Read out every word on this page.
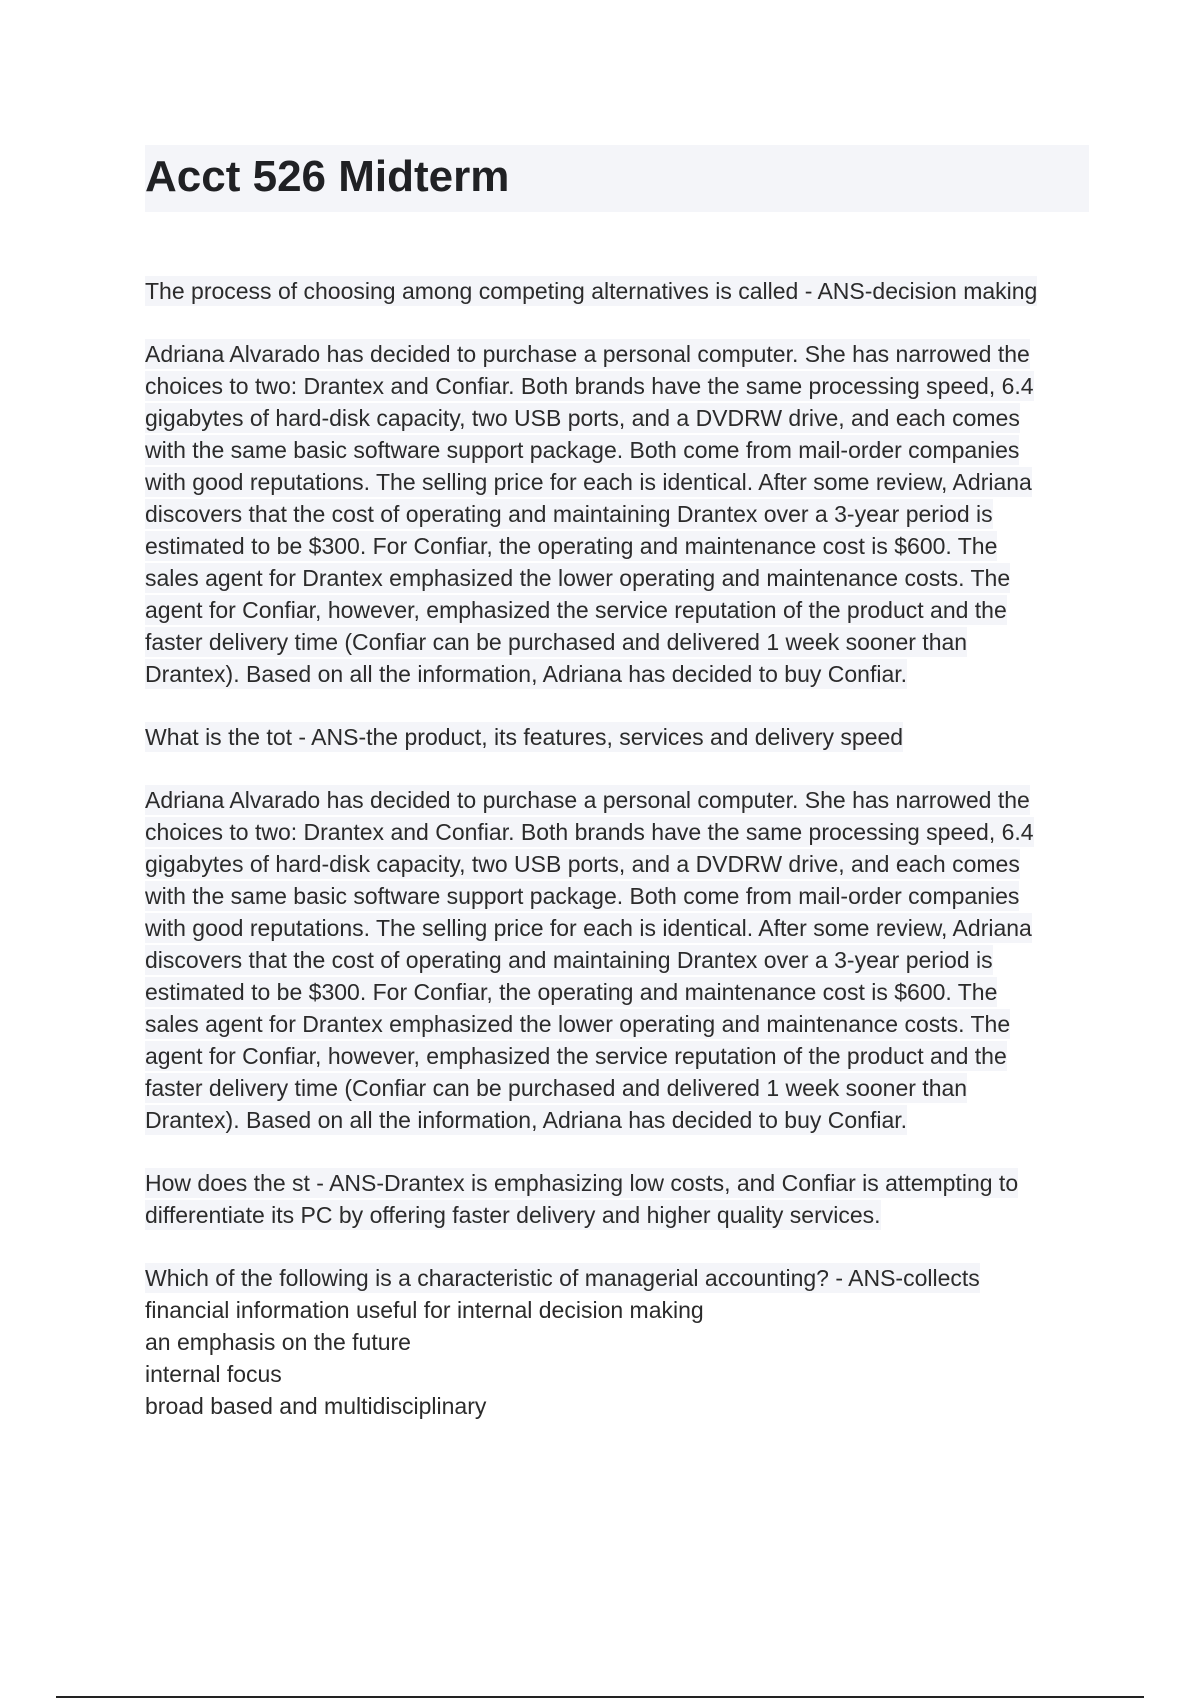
Acct 526 Midterm

The process of choosing among competing alternatives is called - ANS-decision making

Adriana Alvarado has decided to purchase a personal computer. She has narrowed the
choices to two: Drantex and Confiar. Both brands have the same processing speed, 6.4
gigabytes of hard-disk capacity, two USB ports, and a DVDRW drive, and each comes
with the same basic software support package. Both come from mail-order companies
with good reputations. The selling price for each is identical. After some review, Adriana
discovers that the cost of operating and maintaining Drantex over a 3-year period is
estimated to be $300. For Confiar, the operating and maintenance cost is $600. The
sales agent for Drantex emphasized the lower operating and maintenance costs. The
agent for Confiar, however, emphasized the service reputation of the product and the
faster delivery time (Confiar can be purchased and delivered 1 week sooner than
Drantex). Based on all the information, Adriana has decided to buy Confiar.

What is the tot - ANS-the product, its features, services and delivery speed

Adriana Alvarado has decided to purchase a personal computer. She has narrowed the
choices to two: Drantex and Confiar. Both brands have the same processing speed, 6.4
gigabytes of hard-disk capacity, two USB ports, and a DVDRW drive, and each comes
with the same basic software support package. Both come from mail-order companies
with good reputations. The selling price for each is identical. After some review, Adriana
discovers that the cost of operating and maintaining Drantex over a 3-year period is
estimated to be $300. For Confiar, the operating and maintenance cost is $600. The
sales agent for Drantex emphasized the lower operating and maintenance costs. The
agent for Confiar, however, emphasized the service reputation of the product and the
faster delivery time (Confiar can be purchased and delivered 1 week sooner than
Drantex). Based on all the information, Adriana has decided to buy Confiar.

How does the st - ANS-Drantex is emphasizing low costs, and Confiar is attempting to
differentiate its PC by offering faster delivery and higher quality services.

Which of the following is a characteristic of managerial accounting? - ANS-collects
financial information useful for internal decision making
an emphasis on the future
internal focus
broad based and multidisciplinary
